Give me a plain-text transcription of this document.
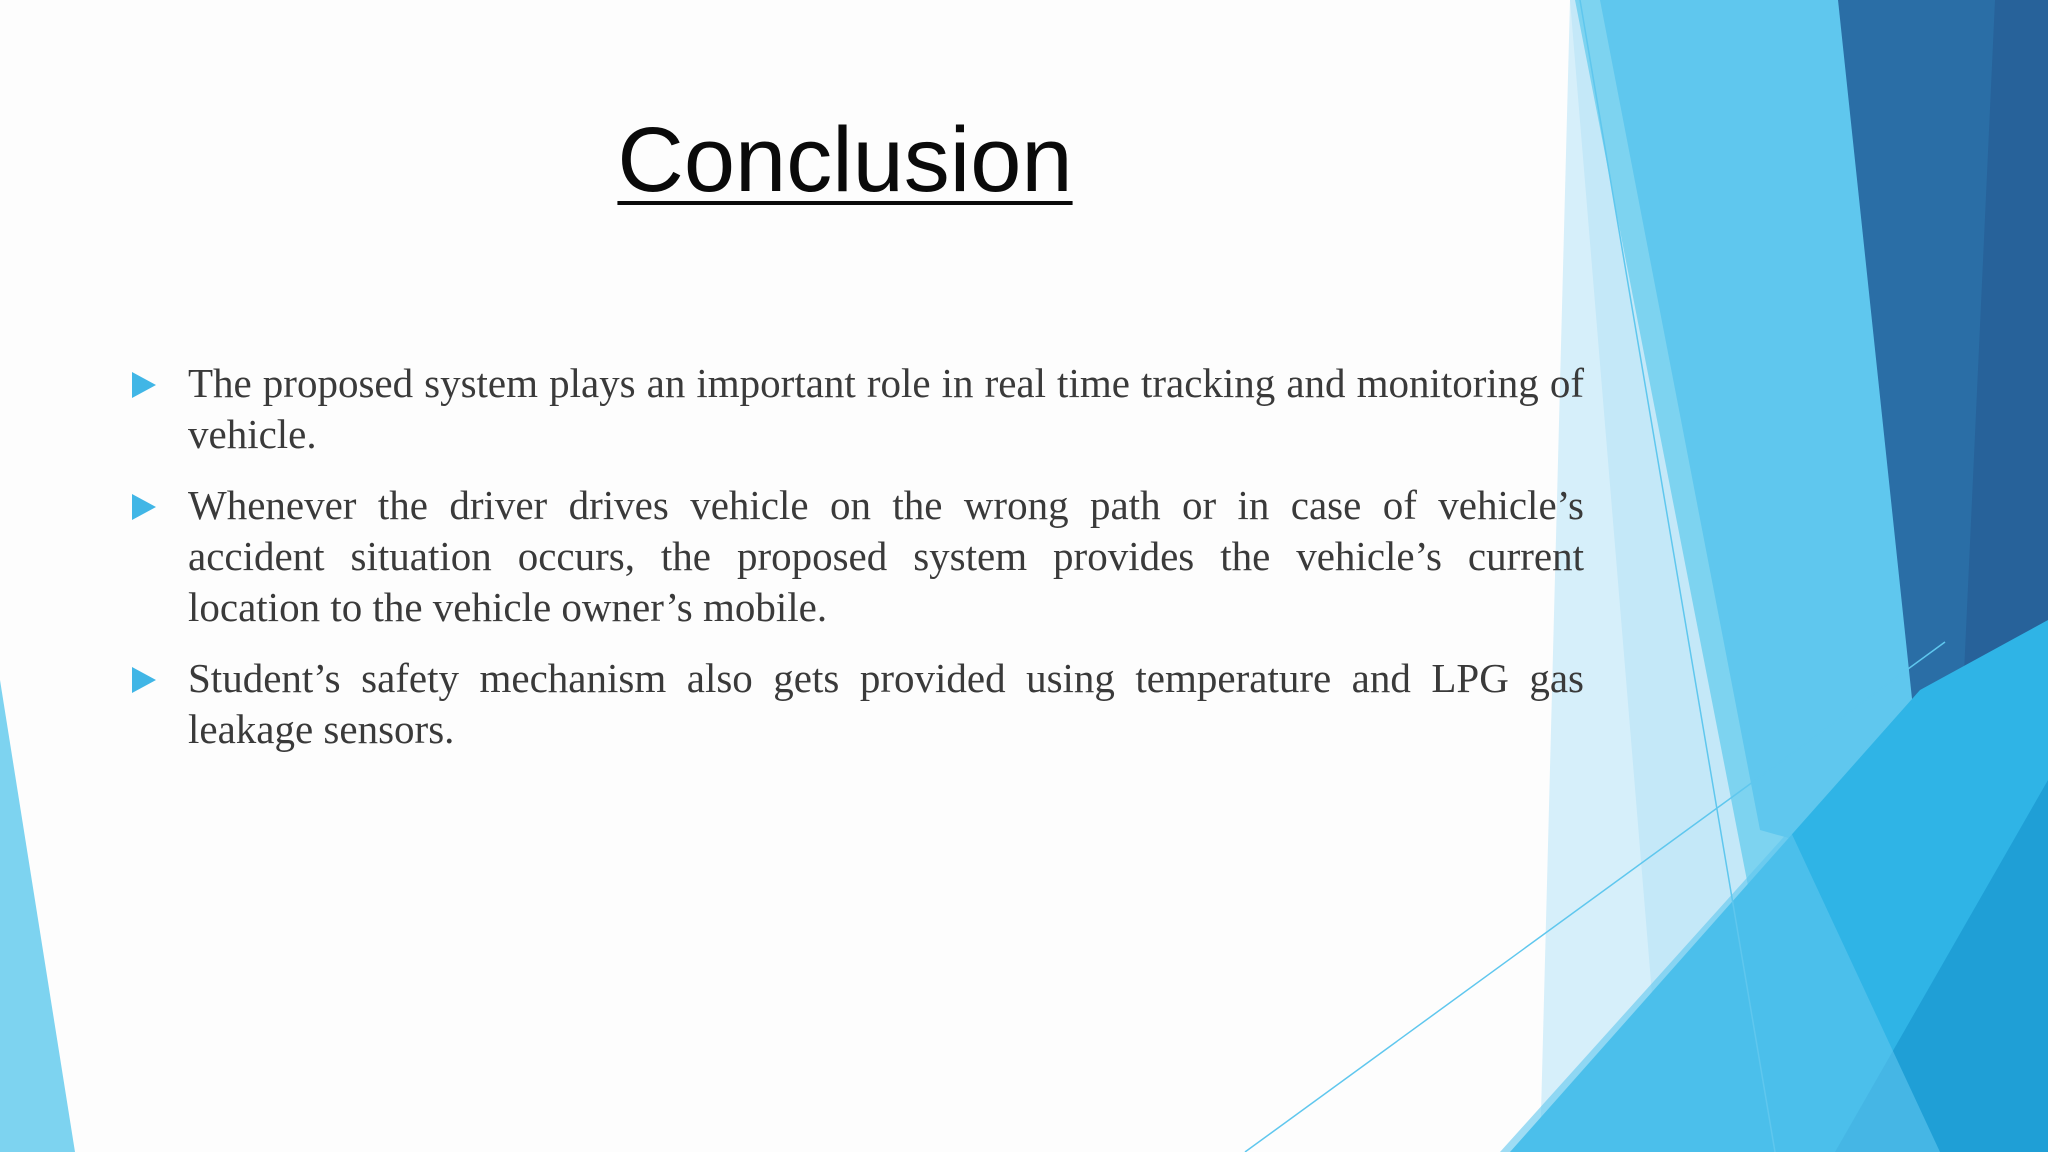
Conclusion
The proposed system plays an important role in real time tracking and monitoring of vehicle.
Whenever the driver drives vehicle on the wrong path or in case of vehicle’s accident situation occurs, the proposed system provides the vehicle’s current location to the vehicle owner’s mobile.
Student’s safety mechanism also gets provided using temperature and LPG gas leakage sensors.
